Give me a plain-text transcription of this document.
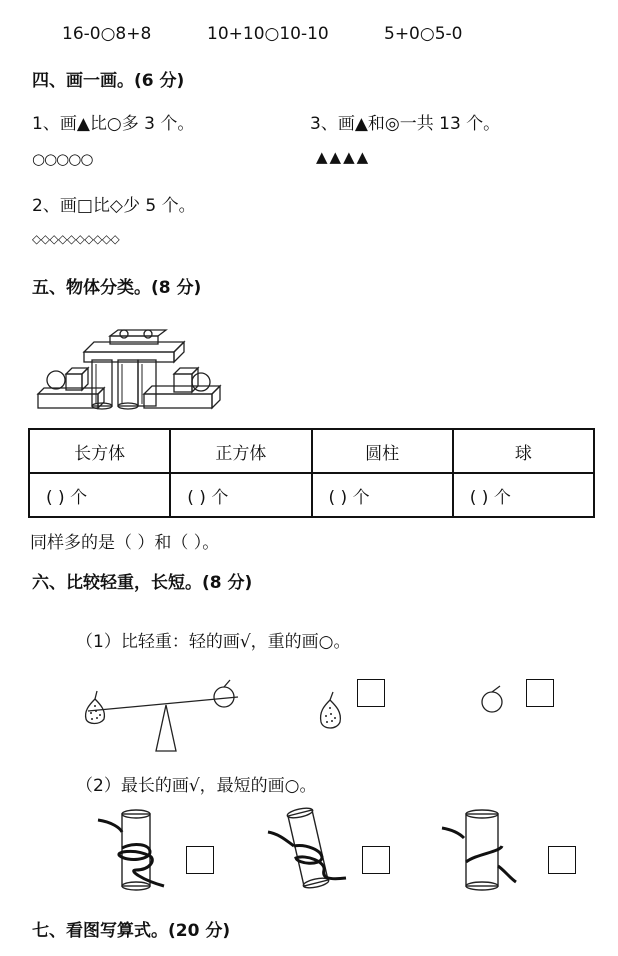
16-0○8+8	10+10○10-10	5+0○5-0
四、画一画。(6 分)
1、画▲比○多 3 个。	3、画▲和◎一共 13 个。
○○○○○	▲▲▲▲
2、画□比◇少 5 个。
◇◇◇◇◇◇◇◇◇◇
五、物体分类。(8 分)
长方体	正方体	圆柱	球
( ) 个	( ) 个	( ) 个	( ) 个
同样多的是（ ）和（ ）。
六、比较轻重，长短。(8 分)
（1）比轻重：轻的画√，重的画○。
（2）最长的画√，最短的画○。
七、看图写算式。(20 分)
